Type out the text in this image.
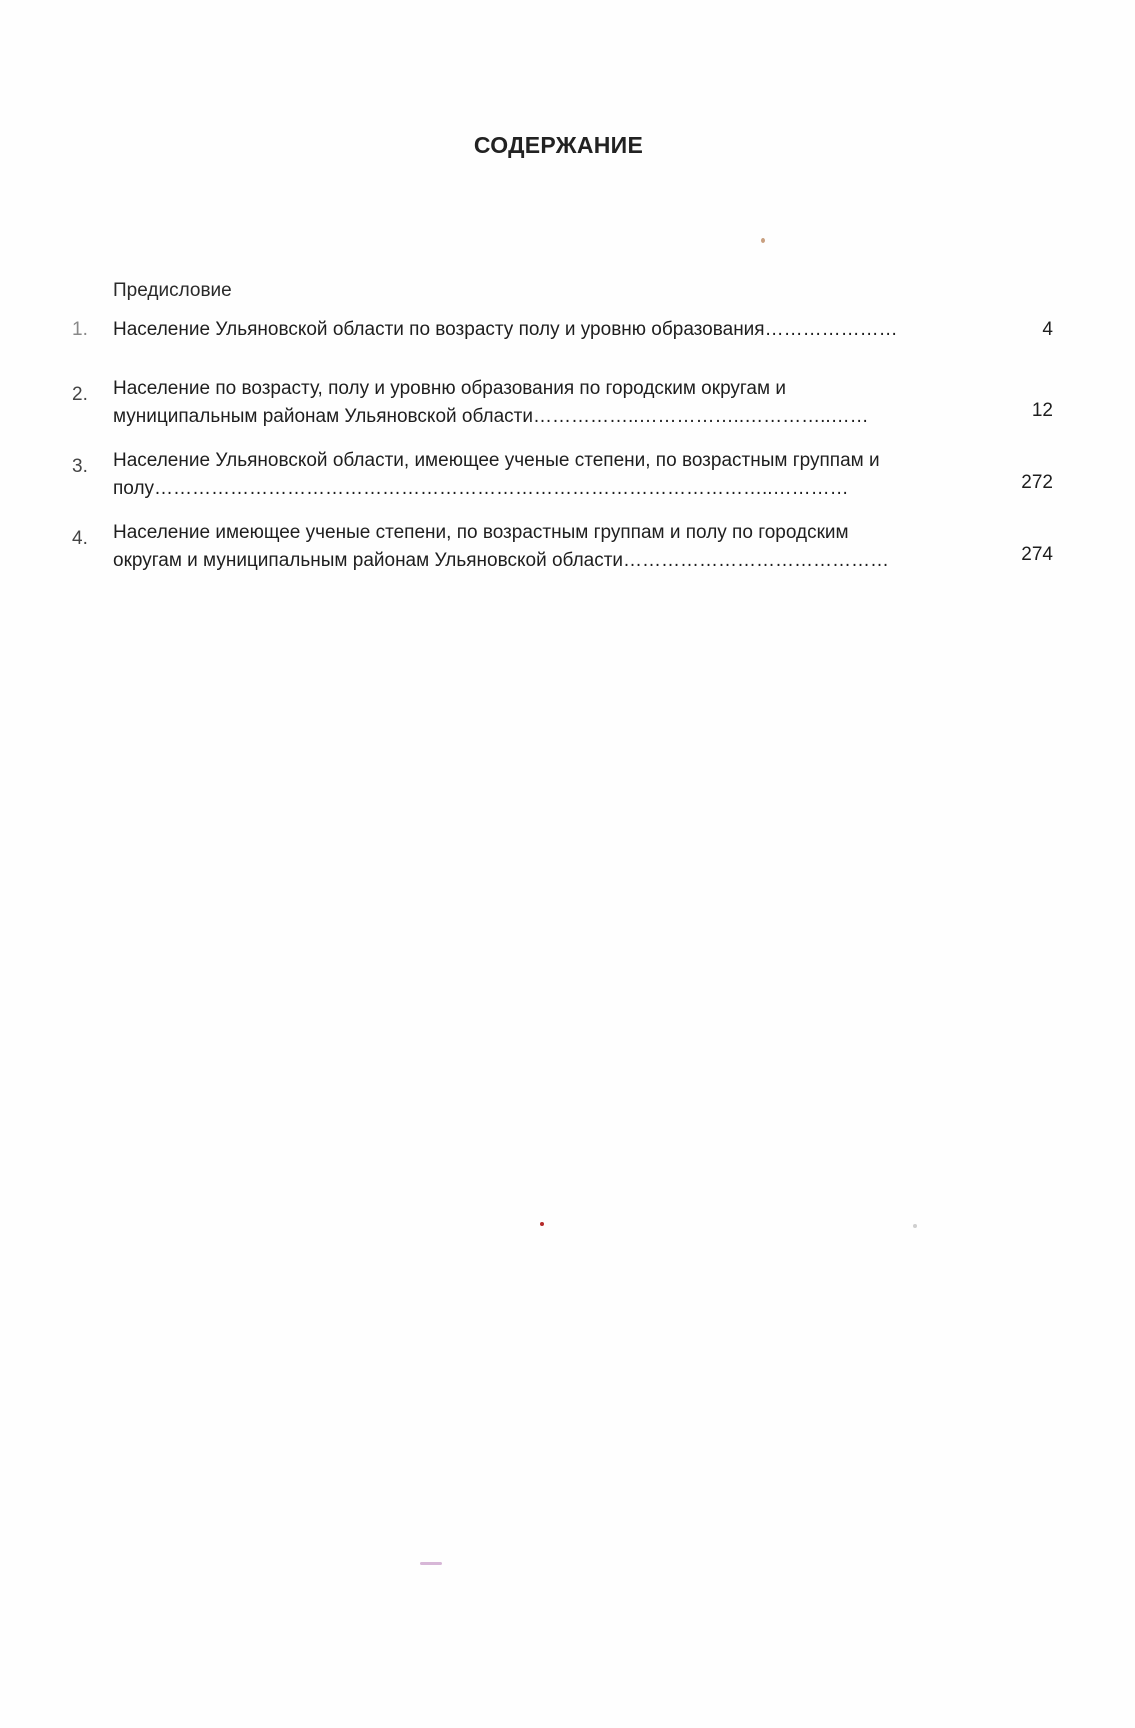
СОДЕРЖАНИЕ
Предисловие
1.	Население Ульяновской области по возрасту полу и уровню образования…………………	4
2.	Население по возрасту, полу и уровню образования по городским округам и
муниципальным районам Ульяновской области……………..……………..…………..……	12
3.	Население Ульяновской области, имеющее ученые степени, по возрастным группам и
полу……………………………………………………………………………………..…………	272
4.	Население имеющее ученые степени, по возрастным группам и полу по городским
округам и муниципальным районам Ульяновской области……………………………………	274
